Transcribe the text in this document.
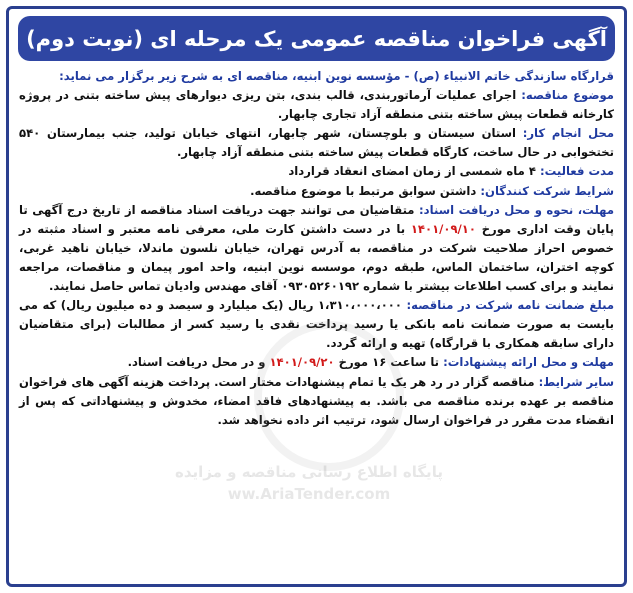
آگهی فراخوان مناقصه عمومی یک مرحله ای (نوبت دوم)
پایگاه اطلاع رسانی مناقصه و مزایده
ww.AriaTender.com

قرارگاه سازندگی خاتم الانبیاء (ص) - مؤسسه نوین ابنیه، مناقصه ای به شرح زیر برگزار می نماید:

موضوع مناقصه: اجرای عملیات آرماتوربندی، قالب بندی، بتن ریزی دیوارهای پیش ساخته بتنی در پروژه کارخانه قطعات پیش ساخته بتنی منطقه آزاد تجاری چابهار.

محل انجام کار: استان سیستان و بلوچستان، شهر چابهار، انتهای خیابان تولید، جنب بیمارستان ۵۴۰ تختخوابی در حال ساخت، کارگاه قطعات پیش ساخته بتنی منطقه آزاد چابهار.

مدت فعالیت: ۴ ماه شمسی از زمان امضای انعقاد قرارداد

شرایط شرکت کنندگان: داشتن سوابق مرتبط با موضوع مناقصه.

مهلت، نحوه و محل دریافت اسناد: متقاضیان می توانند جهت دریافت اسناد مناقصه از تاریخ درج آگهی تا پایان وقت اداری مورخ ۱۴۰۱/۰۹/۱۰ با در دست داشتن کارت ملی، معرفی نامه معتبر و اسناد مثبته در خصوص احراز صلاحیت شرکت در مناقصه، به آدرس تهران، خیابان نلسون ماندلا، خیابان ناهید غربی، کوچه اختران، ساختمان الماس، طبقه دوم، موسسه نوین ابنیه، واحد امور پیمان و مناقصات، مراجعه نمایند و برای کسب اطلاعات بیشتر با شماره ۰۹۳۰۵۲۶۰۱۹۲ آقای مهندس وادیان تماس حاصل نمایند.

مبلغ ضمانت نامه شرکت در مناقصه: ۱،۳۱۰،۰۰۰،۰۰۰ ریال (یک میلیارد و سیصد و ده میلیون ریال) که می بایست به صورت ضمانت نامه بانکی یا رسید پرداخت نقدی یا رسید کسر از مطالبات (برای متقاضیان دارای سابقه همکاری با قرارگاه) تهیه و ارائه گردد.

مهلت و محل ارائه پیشنهادات: تا ساعت ۱۶ مورخ ۱۴۰۱/۰۹/۲۰ و در محل دریافت اسناد.

سایر شرایط: مناقصه گزار در رد هر یک یا تمام پیشنهادات مختار است. پرداخت هزینه آگهی های فراخوان مناقصه بر عهده برنده مناقصه می باشد. به پیشنهادهای فاقد امضاء، مخدوش و پیشنهاداتی که پس از انقضاء مدت مقرر در فراخوان ارسال شود، ترتیب اثر داده نخواهد شد.
